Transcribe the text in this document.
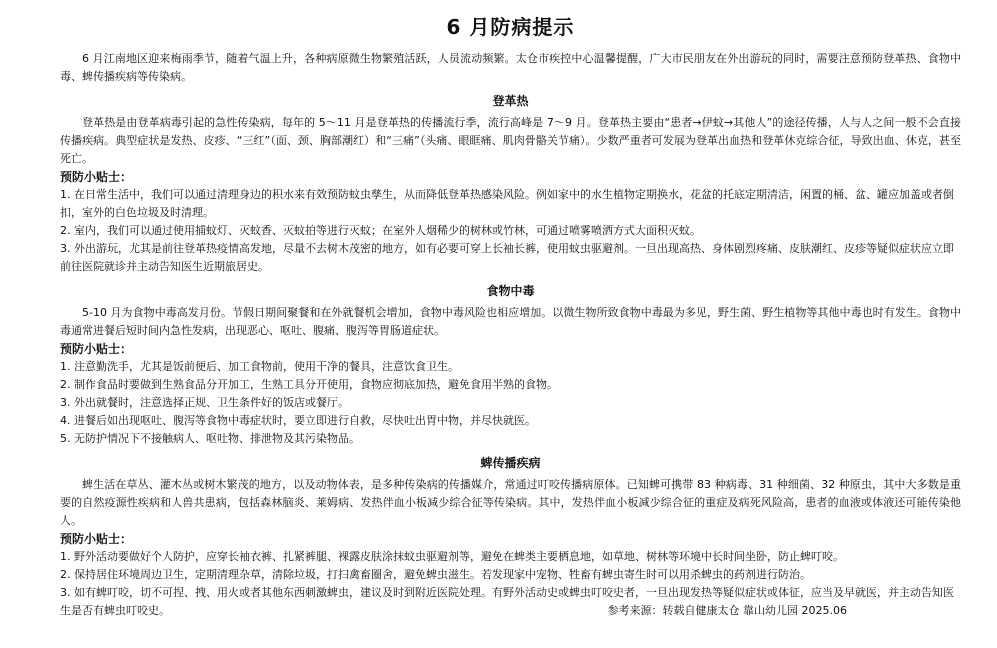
6 月防病提示

6 月江南地区迎来梅雨季节，随着气温上升，各种病原微生物繁殖活跃，人员流动频繁。太仓市疾控中心温馨提醒，广大市民朋友在外出游玩的同时，需要注意预防登革热、食物中毒、蜱传播疾病等传染病。

登革热

登革热是由登革病毒引起的急性传染病，每年的 5～11 月是登革热的传播流行季，流行高峰是 7～9 月。登革热主要由“患者→伊蚊→其他人”的途径传播，人与人之间一般不会直接传播疾病。典型症状是发热、皮疹、“三红”（面、颈、胸部潮红）和“三痛”（头痛、眼眶痛、肌肉骨骼关节痛）。少数严重者可发展为登革出血热和登革休克综合征，导致出血、休克，甚至死亡。

预防小贴士：
1. 在日常生活中，我们可以通过清理身边的积水来有效预防蚊虫孳生，从而降低登革热感染风险。例如家中的水生植物定期换水，花盆的托底定期清洁，闲置的桶、盆、罐应加盖或者倒扣，室外的白色垃圾及时清理。
2. 室内，我们可以通过使用捕蚊灯、灭蚊香、灭蚊拍等进行灭蚊；在室外人烟稀少的树林或竹林，可通过喷雾喷洒方式大面积灭蚊。
3. 外出游玩，尤其是前往登革热疫情高发地，尽量不去树木茂密的地方，如有必要可穿上长袖长裤，使用蚊虫驱避剂。一旦出现高热、身体剧烈疼痛、皮肤潮红、皮疹等疑似症状应立即前往医院就诊并主动告知医生近期旅居史。
食物中毒

5-10 月为食物中毒高发月份。节假日期间聚餐和在外就餐机会增加，食物中毒风险也相应增加。以微生物所致食物中毒最为多见，野生菌、野生植物等其他中毒也时有发生。食物中毒通常进餐后短时间内急性发病，出现恶心、呕吐、腹痛、腹泻等胃肠道症状。

预防小贴士：
1. 注意勤洗手，尤其是饭前便后、加工食物前，使用干净的餐具，注意饮食卫生。
2. 制作食品时要做到生熟食品分开加工，生熟工具分开使用，食物应彻底加热，避免食用半熟的食物。
3. 外出就餐时，注意选择正规、卫生条件好的饭店或餐厅。
4. 进餐后如出现呕吐、腹泻等食物中毒症状时，要立即进行自救，尽快吐出胃中物，并尽快就医。
5. 无防护情况下不接触病人、呕吐物、排泄物及其污染物品。
蜱传播疾病

蜱生活在草丛、灌木丛或树木繁茂的地方，以及动物体表，是多种传染病的传播媒介，常通过叮咬传播病原体。已知蜱可携带 83 种病毒、31 种细菌、32 种原虫，其中大多数是重要的自然疫源性疾病和人兽共患病，包括森林脑炎、莱姆病、发热伴血小板减少综合征等传染病。其中，发热伴血小板减少综合征的重症及病死风险高，患者的血液或体液还可能传染他人。

预防小贴士：
1. 野外活动要做好个人防护，应穿长袖衣裤、扎紧裤腿、裸露皮肤涂抹蚊虫驱避剂等，避免在蜱类主要栖息地，如草地、树林等环境中长时间坐卧，防止蜱叮咬。
2. 保持居住环境周边卫生，定期清理杂草，清除垃圾，打扫禽畜圈舍，避免蜱虫滋生。若发现家中宠物、牲畜有蜱虫寄生时可以用杀蜱虫的药剂进行防治。
3. 如有蜱叮咬，切不可捏、拽、用火或者其他东西刺激蜱虫，建议及时到附近医院处理。有野外活动史或蜱虫叮咬史者，一旦出现发热等疑似症状或体征，应当及早就医，并主动告知医生是否有蜱虫叮咬史。	参考来源：转载自健康太仓 靠山幼儿园 2025.06
